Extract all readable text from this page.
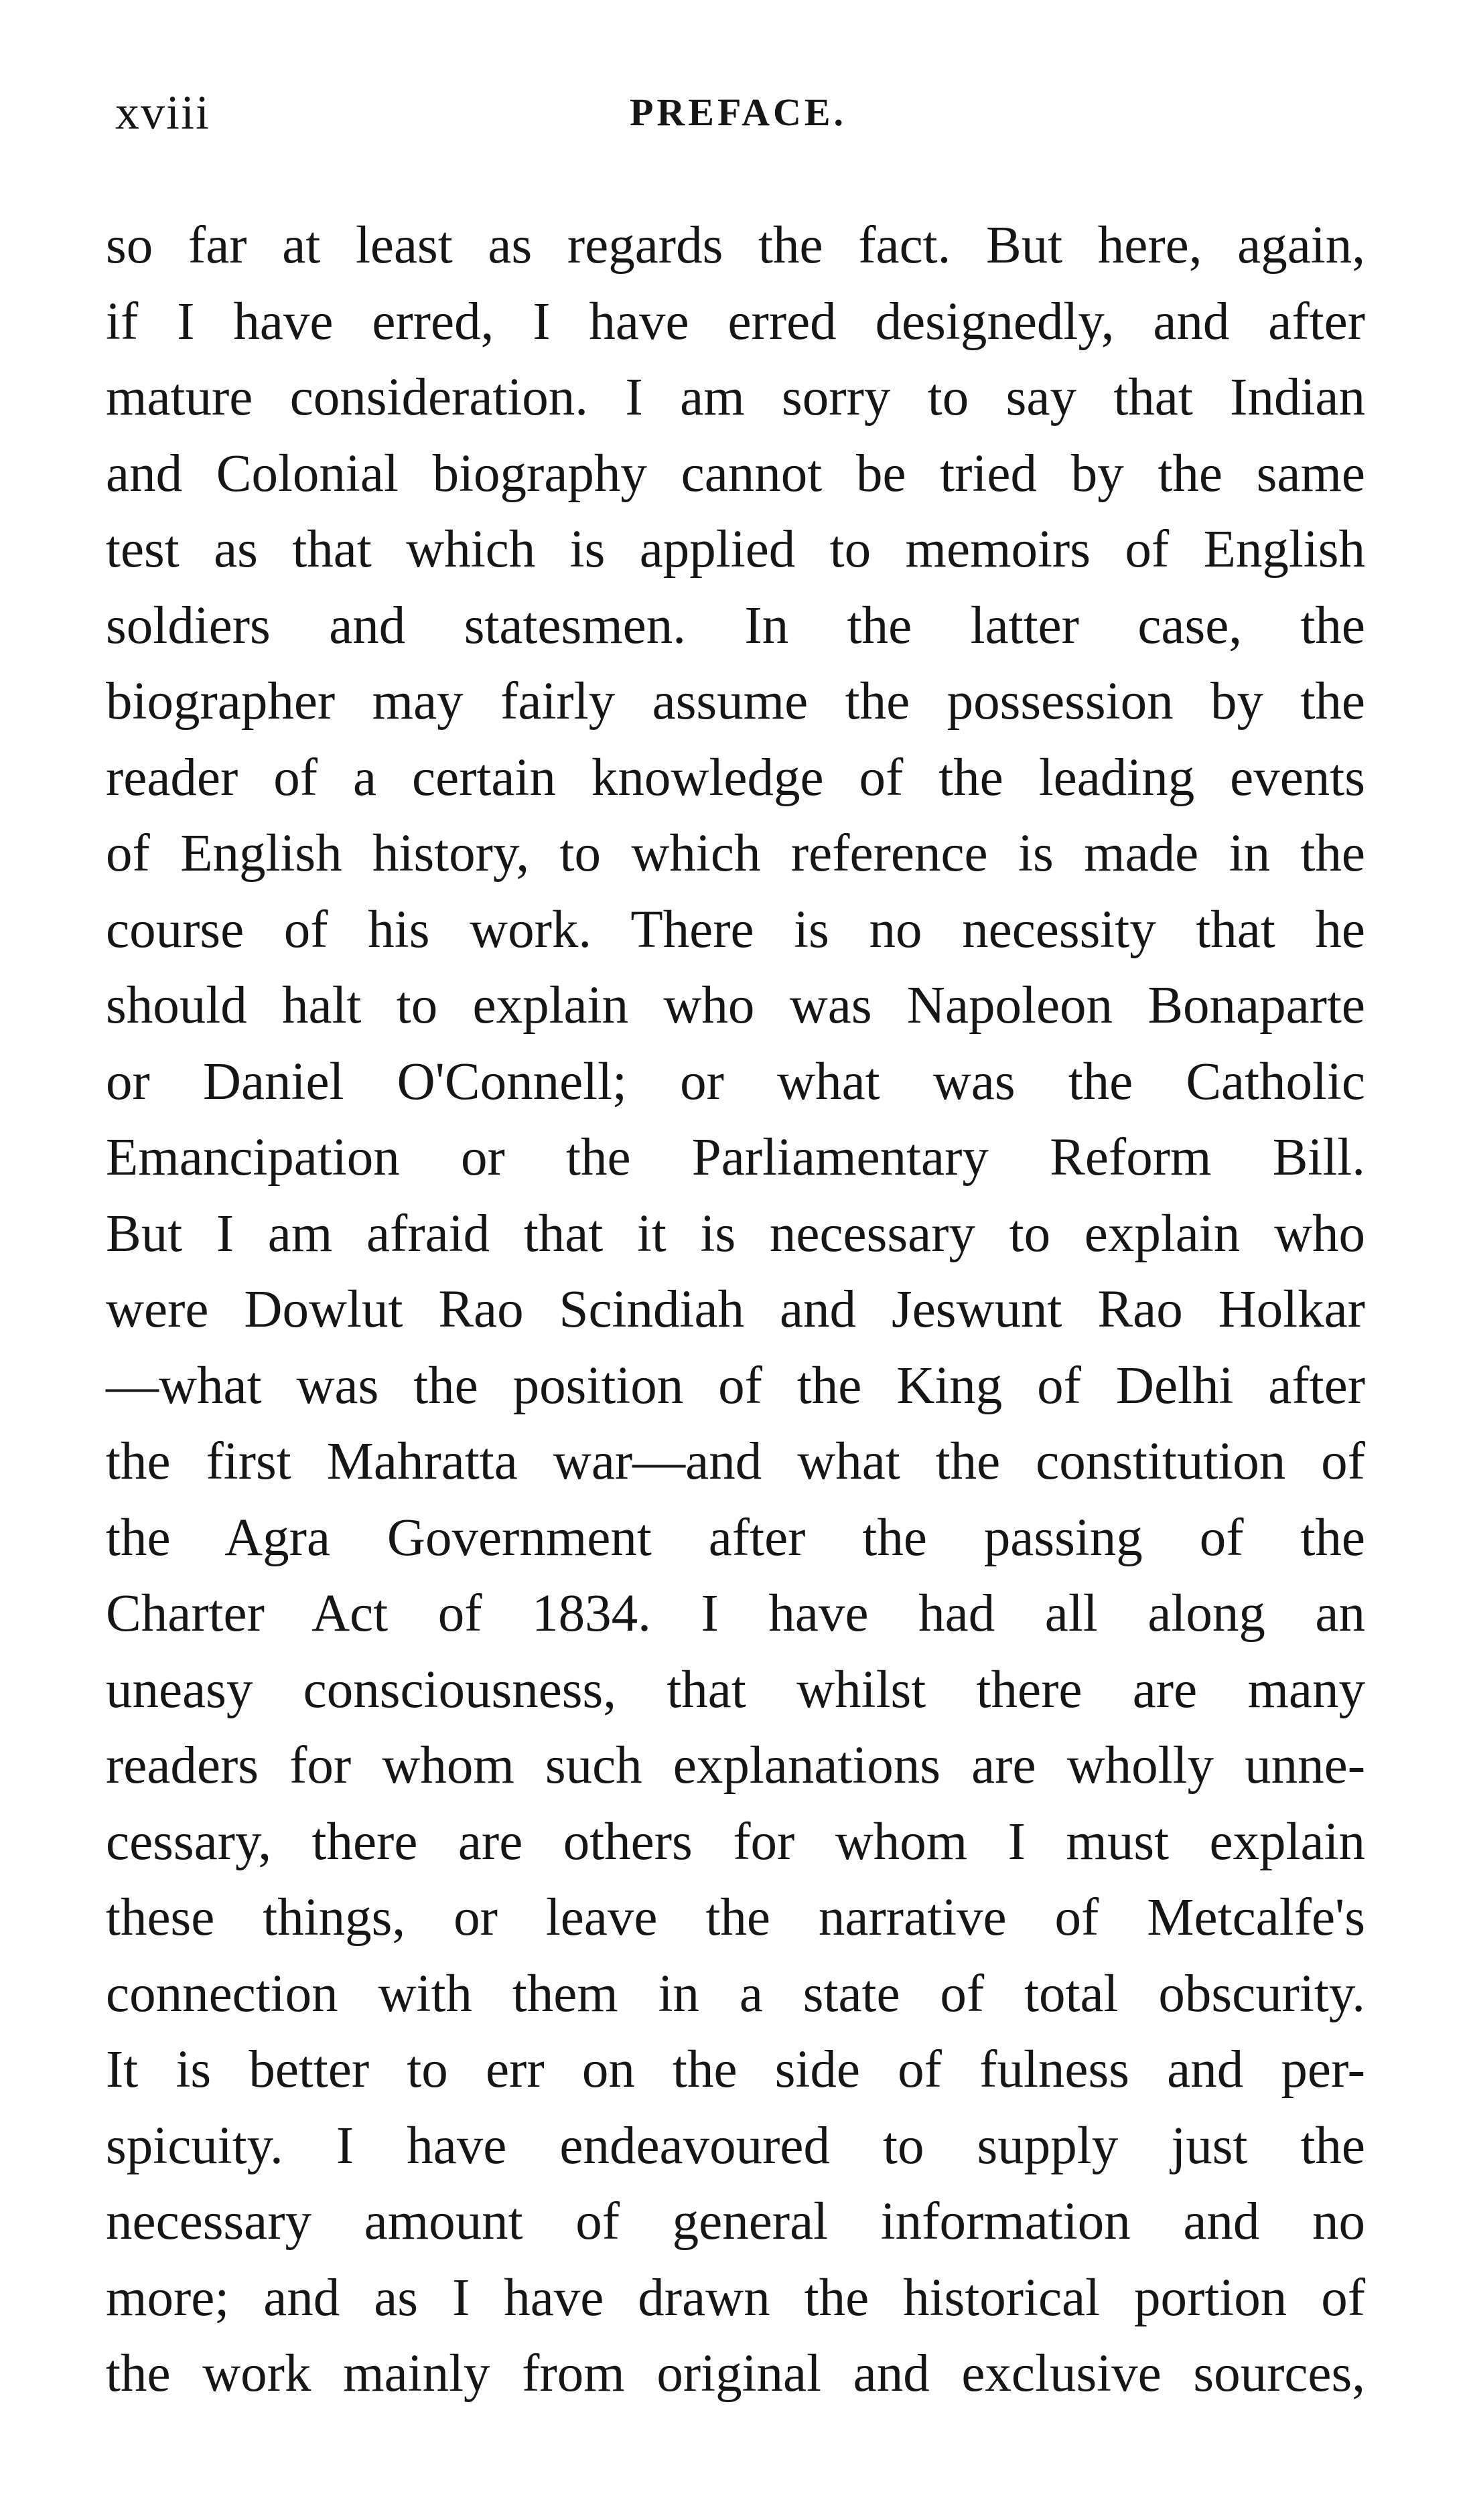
xviii	PREFACE.
so far at least as regards the fact. But here, again,
if I have erred, I have erred designedly, and after
mature consideration. I am sorry to say that Indian
and Colonial biography cannot be tried by the same
test as that which is applied to memoirs of English
soldiers and statesmen. In the latter case, the
biographer may fairly assume the possession by the
reader of a certain knowledge of the leading events
of English history, to which reference is made in the
course of his work. There is no necessity that he
should halt to explain who was Napoleon Bonaparte
or Daniel O'Connell; or what was the Catholic
Emancipation or the Parliamentary Reform Bill.
But I am afraid that it is necessary to explain who
were Dowlut Rao Scindiah and Jeswunt Rao Holkar
—what was the position of the King of Delhi after
the first Mahratta war—and what the constitution of
the Agra Government after the passing of the
Charter Act of 1834. I have had all along an
uneasy consciousness, that whilst there are many
readers for whom such explanations are wholly unne-
cessary, there are others for whom I must explain
these things, or leave the narrative of Metcalfe's
connection with them in a state of total obscurity.
It is better to err on the side of fulness and per-
spicuity. I have endeavoured to supply just the
necessary amount of general information and no
more; and as I have drawn the historical portion of
the work mainly from original and exclusive sources,
